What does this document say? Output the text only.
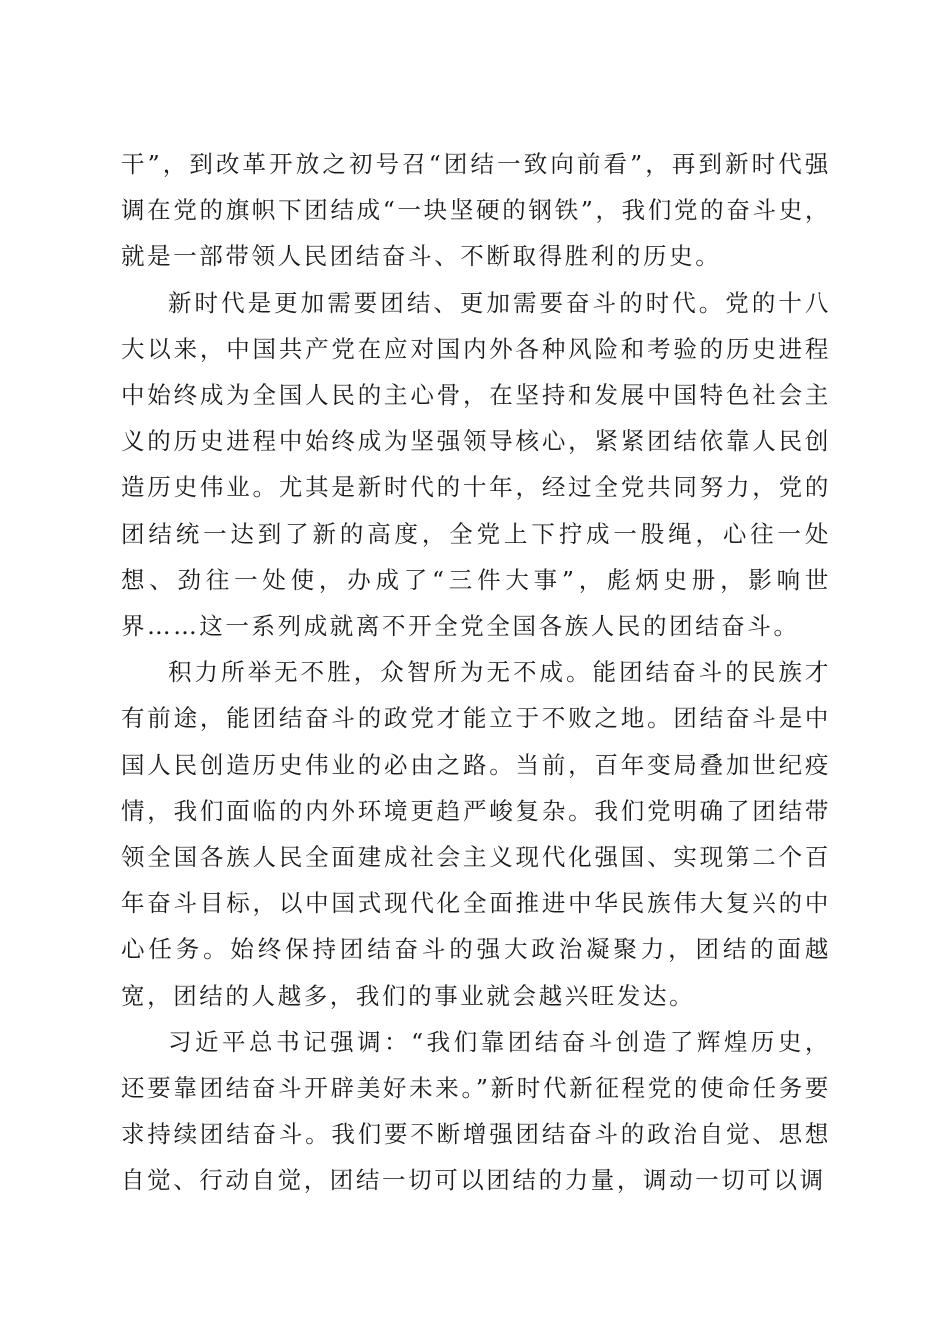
干”，到改革开放之初号召“团结一致向前看”，再到新时代强调在党的旗帜下团结成“一块坚硬的钢铁”，我们党的奋斗史，就是一部带领人民团结奋斗、不断取得胜利的历史。

新时代是更加需要团结、更加需要奋斗的时代。党的十八大以来，中国共产党在应对国内外各种风险和考验的历史进程中始终成为全国人民的主心骨，在坚持和发展中国特色社会主义的历史进程中始终成为坚强领导核心，紧紧团结依靠人民创造历史伟业。尤其是新时代的十年，经过全党共同努力，党的团结统一达到了新的高度，全党上下拧成一股绳，心往一处想、劲往一处使，办成了“三件大事”，彪炳史册，影响世界……这一系列成就离不开全党全国各族人民的团结奋斗。

积力所举无不胜，众智所为无不成。能团结奋斗的民族才有前途，能团结奋斗的政党才能立于不败之地。团结奋斗是中国人民创造历史伟业的必由之路。当前，百年变局叠加世纪疫情，我们面临的内外环境更趋严峻复杂。我们党明确了团结带领全国各族人民全面建成社会主义现代化强国、实现第二个百年奋斗目标，以中国式现代化全面推进中华民族伟大复兴的中心任务。始终保持团结奋斗的强大政治凝聚力，团结的面越宽，团结的人越多，我们的事业就会越兴旺发达。

习近平总书记强调：“我们靠团结奋斗创造了辉煌历史，还要靠团结奋斗开辟美好未来。”新时代新征程党的使命任务要求持续团结奋斗。我们要不断增强团结奋斗的政治自觉、思想自觉、行动自觉，团结一切可以团结的力量，调动一切可以调
